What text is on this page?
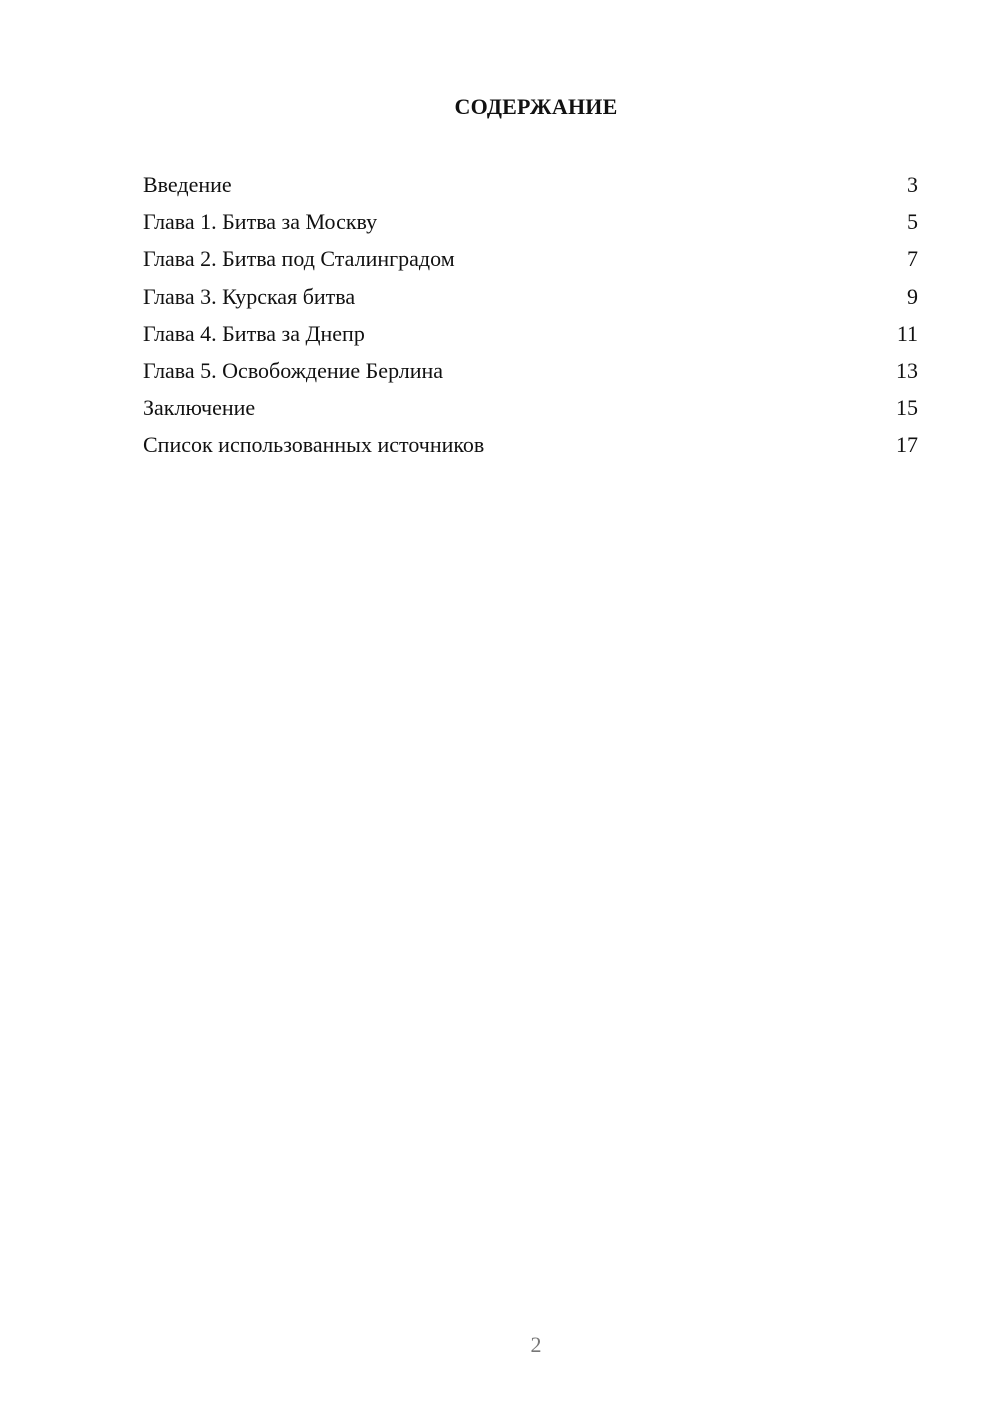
СОДЕРЖАНИЕ
Введение	3
Глава 1. Битва за Москву	5
Глава 2. Битва под Сталинградом	7
Глава 3. Курская битва	9
Глава 4. Битва за Днепр	11
Глава 5. Освобождение Берлина	13
Заключение	15
Список использованных источников	17
2
